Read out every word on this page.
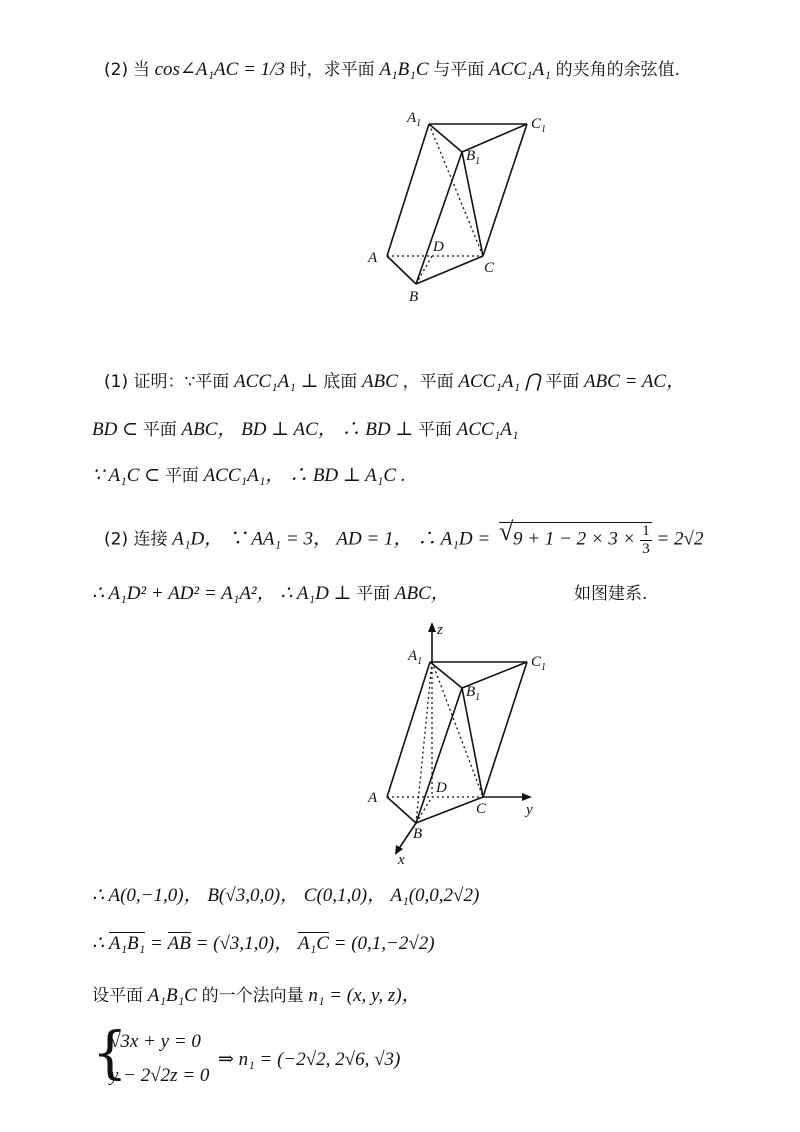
(2) 当 cos∠A₁AC = 1/3 时，求平面 A₁B₁C 与平面 ACC₁A₁ 的夹角的余弦值.
$A_1$	$C_1$
$B_1$
A
D
C
B
(1) 证明：∵平面 ACC₁A₁ ⊥ 底面 ABC ，平面 ACC₁A₁ ⋂ 平面 ABC = AC，
BD ⊂ 平面 ABC， BD ⊥ AC， ∴ BD ⊥ 平面 ACC₁A₁
∵ A₁C ⊂ 平面 ACC₁A₁， ∴ BD ⊥ A₁C .
(2) 连接 A₁D， ∵ AA₁ = 3， AD = 1， ∴ A₁D = √ $9 + 1 - 2 \times 3 \times \frac{1}{3} = 2√2$
∴ A₁D² + AD² = A₁A²， ∴ A₁D ⊥ 平面 ABC，	如图建系.
z
$A_1$	$C_1$
$B_1$
A
D
C	y
B
x
∴ A(0,−1,0)， B(√3,0,0)， C(0,1,0)， A₁(0,0,2√2)
∴ A₁B₁ = AB = (√3,1,0)， A₁C = (0,1,−2√2)
设平面 A₁B₁C 的一个法向量 n₁ = (x, y, z)，
{
√3x + y = 0
y − 2√2z = 0
⇒ n₁ = (−2√2, 2√6, √3)
